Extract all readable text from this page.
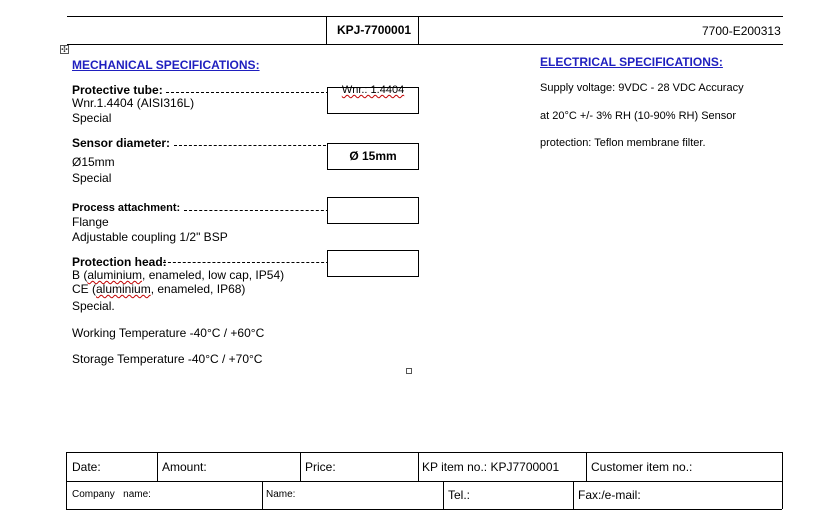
KPJ-7700001	7700-E200313
✣
MECHANICAL SPECIFICATIONS:
Protective tube:
Wnr.1.4404 (AISI316L)
Special
Wnr.: 1.4404
Sensor diameter:
Ø15mm
Special
Ø 15mm
Process attachment:
Flange
Adjustable coupling 1/2" BSP
Protection head:
B (aluminium, enameled, low cap, IP54)
CE (aluminium, enameled, IP68)
Special.
Working Temperature -40°C / +60°C
Storage Temperature -40°C / +70°C
ELECTRICAL SPECIFICATIONS:
Supply voltage: 9VDC - 28 VDC Accuracy
at 20°C +/- 3% RH (10-90% RH) Sensor
protection: Teflon membrane filter.
Date:	Amount:	Price:	KP item no.: KPJ7700001	Customer item no.:
Company   name:	Name:	Tel.:	Fax:/e-mail:
